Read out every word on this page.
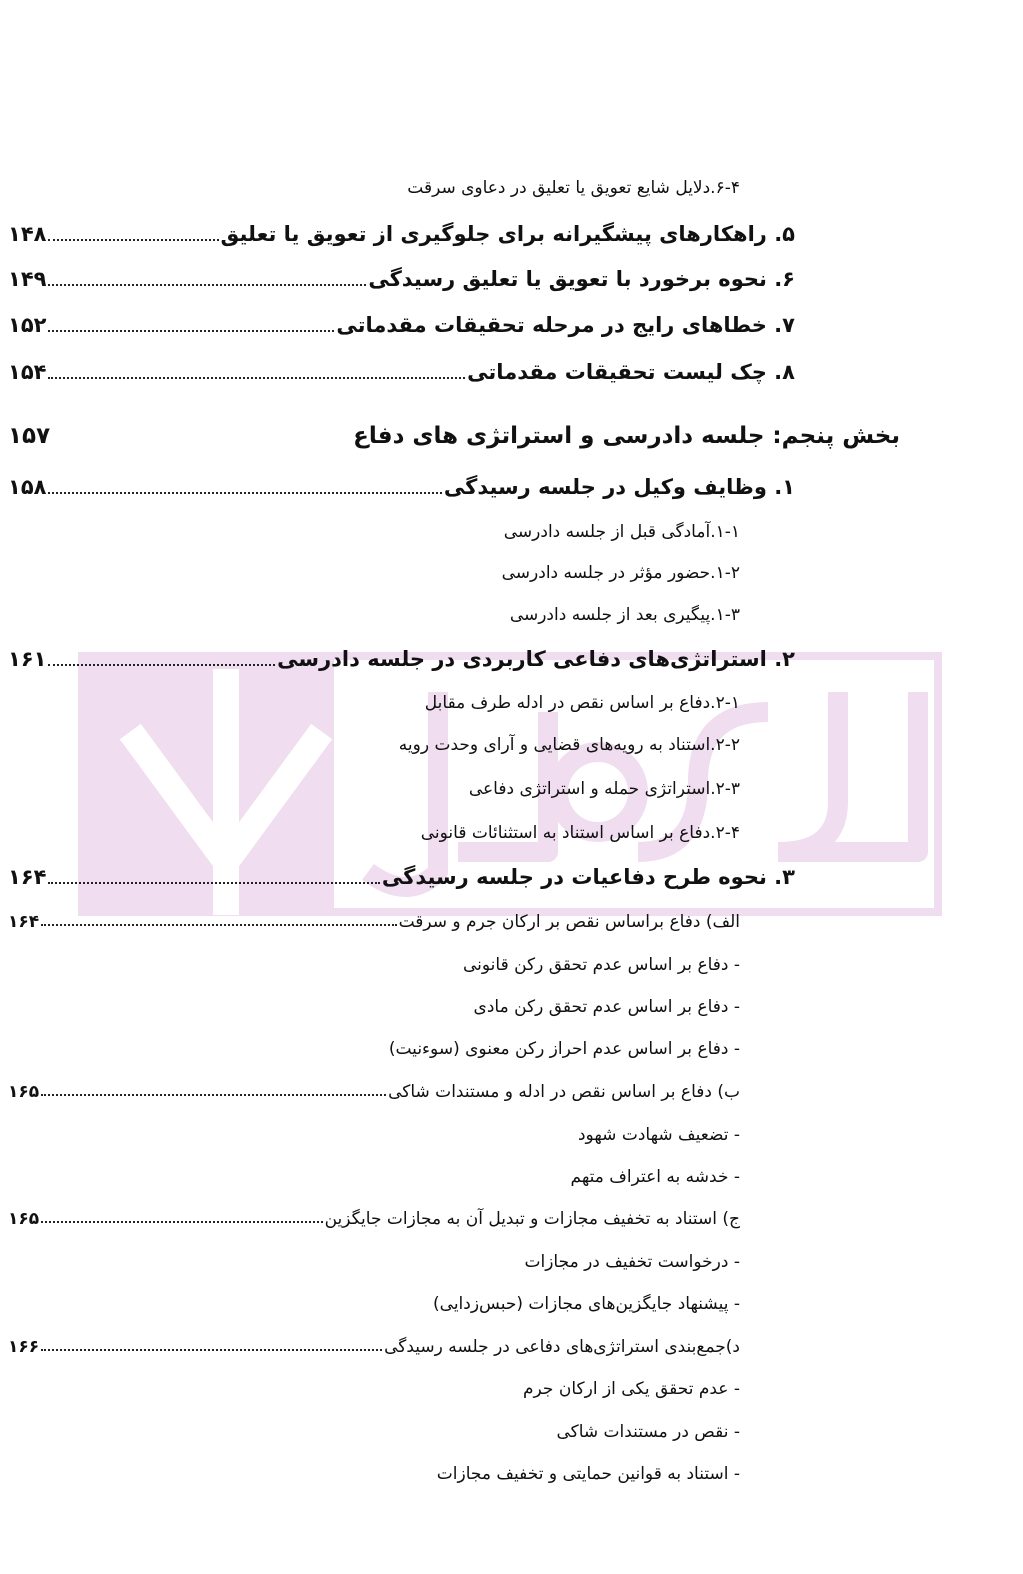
۶-۴.دلایل شایع تعویق یا تعلیق در دعاوی سرقت
۵. راهکارهای پیشگیرانه برای جلوگیری از تعویق یا تعلیق
۱۴۸
۶. نحوه برخورد با تعویق یا تعلیق رسیدگی
۱۴۹
۷. خطاهای رایج در مرحله تحقیقات مقدماتی
۱۵۲
۸. چک لیست تحقیقات مقدماتی
۱۵۴
بخش پنجم: جلسه دادرسی و استراتژی های دفاع
۱۵۷
۱. وظایف وکیل در جلسه رسیدگی
۱۵۸
۱-۱.آمادگی قبل از جلسه دادرسی
۱-۲.حضور مؤثر در جلسه دادرسی
۱-۳.پیگیری بعد از جلسه دادرسی
۲. استراتژی‌های دفاعی کاربردی در جلسه دادرسی
۱۶۱
۲-۱.دفاع بر اساس نقص در ادله طرف مقابل
۲-۲.استناد به رویه‌های قضایی و آرای وحدت رویه
۲-۳.استراتژی حمله و استراتژی دفاعی
۲-۴.دفاع بر اساس استناد به استثنائات قانونی
۳. نحوه طرح دفاعیات در جلسه رسیدگی
۱۶۴
الف) دفاع براساس نقص بر ارکان جرم و سرقت
۱۶۴
- دفاع بر اساس عدم تحقق رکن قانونی
- دفاع بر اساس عدم تحقق رکن مادی
- دفاع بر اساس عدم احراز رکن معنوی (سوءنیت)
ب) دفاع بر اساس نقص در ادله و مستندات شاکی
۱۶۵
- تضعیف شهادت شهود
- خدشه به اعتراف متهم
ج) استناد به تخفیف مجازات و تبدیل آن به مجازات جایگزین
۱۶۵
- درخواست تخفیف در مجازات
- پیشنهاد جایگزین‌های مجازات (حبس‌زدایی)
د)جمع‌بندی استراتژی‌های دفاعی در جلسه رسیدگی
۱۶۶
- عدم تحقق یکی از ارکان جرم
- نقص در مستندات شاکی
- استناد به قوانین حمایتی و تخفیف مجازات
